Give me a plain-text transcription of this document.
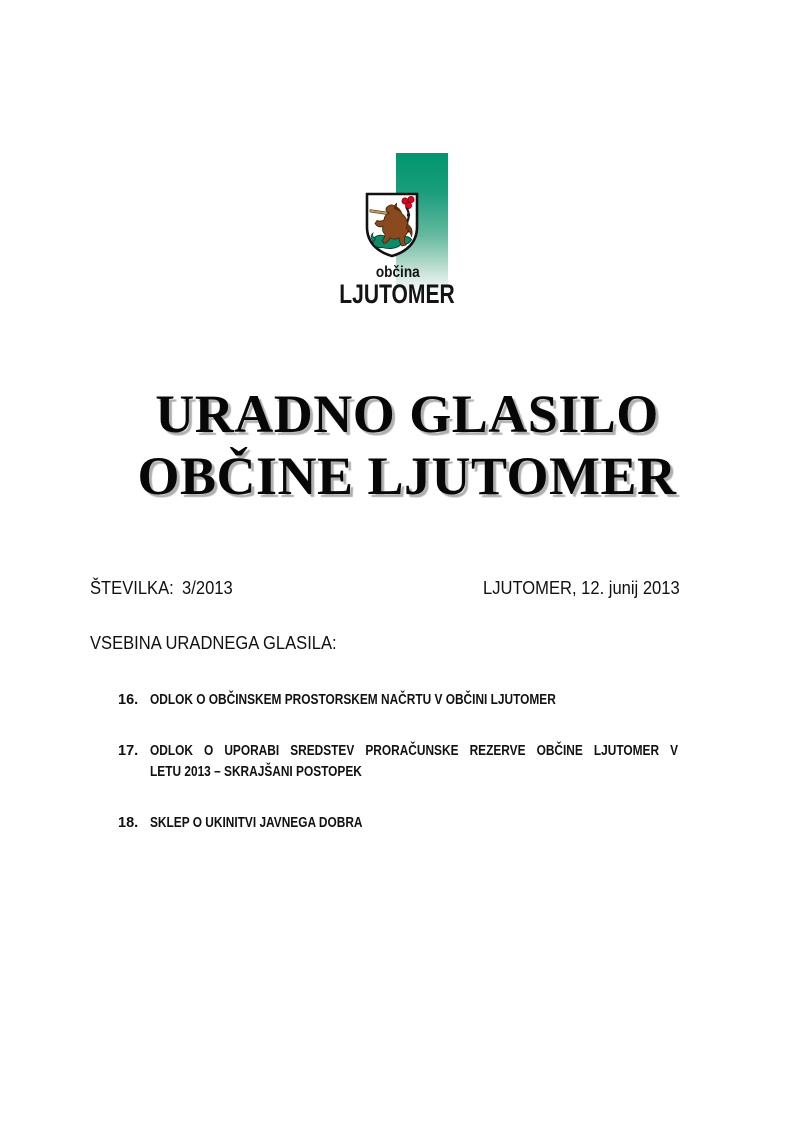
občina
LJUTOMER
URADNO GLASILO
OBČINE LJUTOMER
ŠTEVILKA: 3/2013	LJUTOMER, 12. junij 2013
VSEBINA URADNEGA GLASILA:
16. ODLOK O OBČINSKEM PROSTORSKEM NAČRTU V OBČINI LJUTOMER
17. ODLOK O UPORABI SREDSTEV PRORAČUNSKE REZERVE OBČINE LJUTOMER V
LETU 2013 – SKRAJŠANI POSTOPEK
18. SKLEP O UKINITVI JAVNEGA DOBRA
